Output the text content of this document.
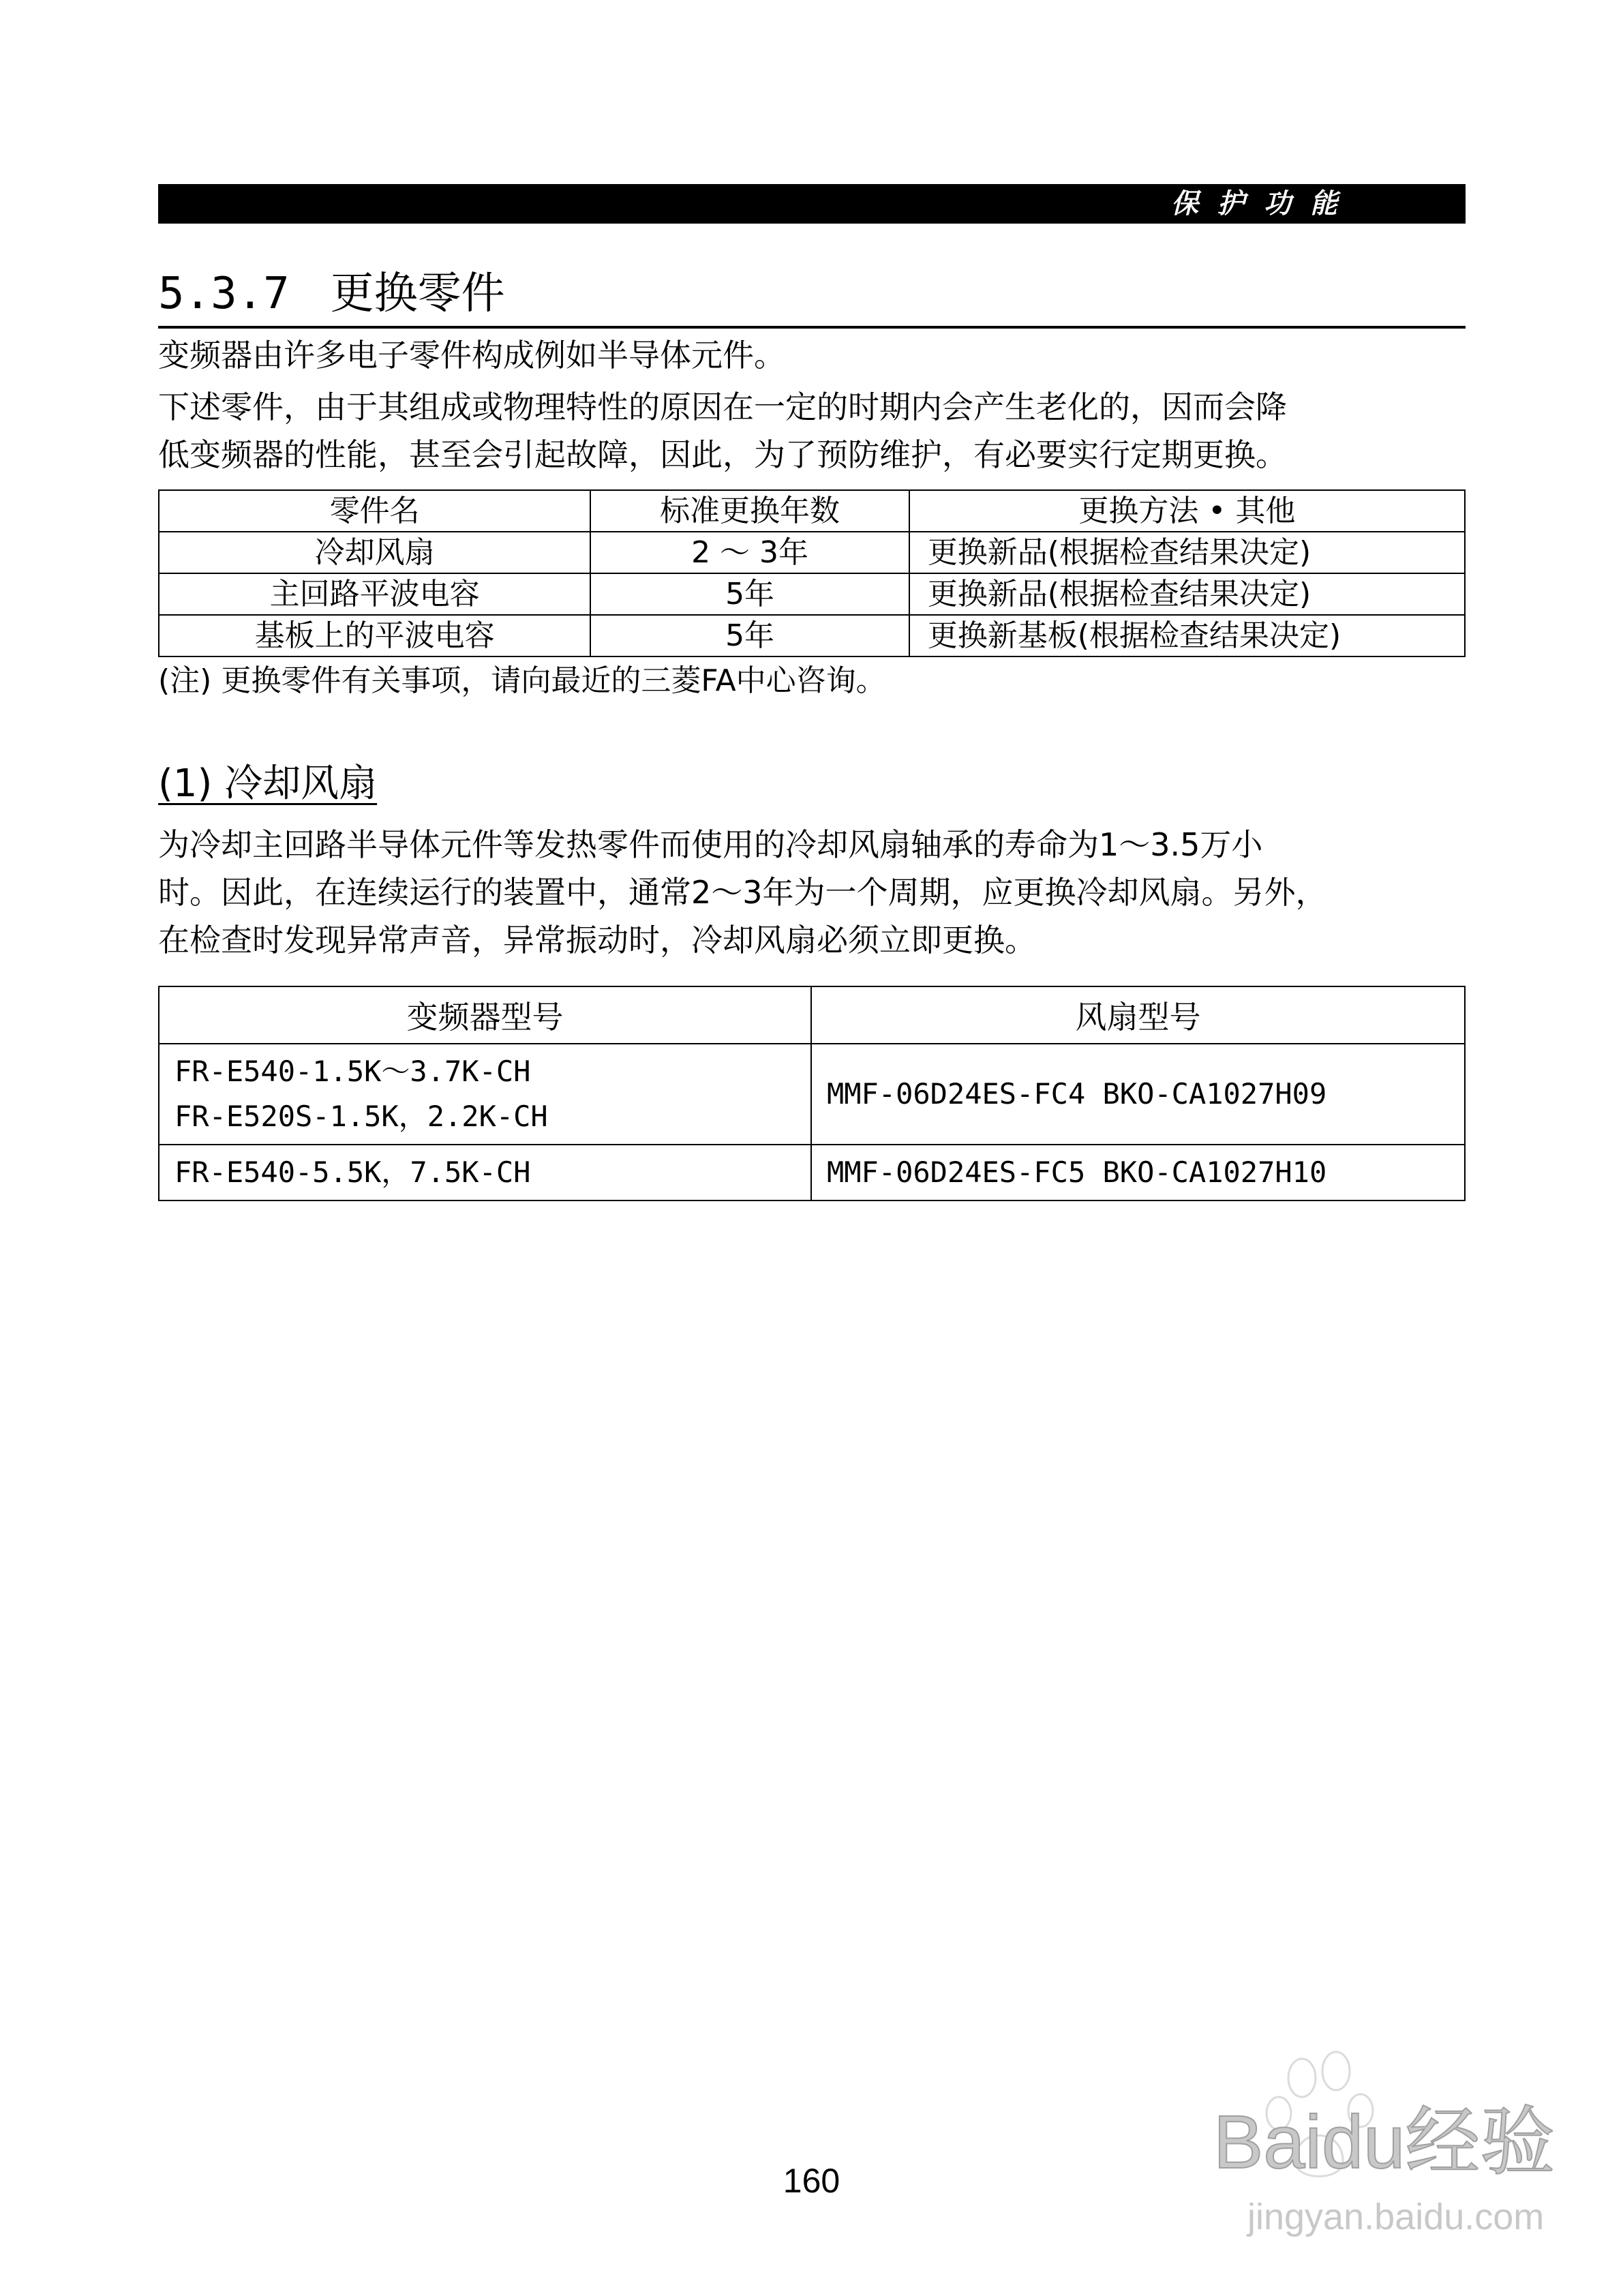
保护功能
5.3.7 更换零件

变频器由许多电子零件构成例如半导体元件。

下述零件，由于其组成或物理特性的原因在一定的时期内会产生老化的，因而会降

低变频器的性能，甚至会引起故障，因此，为了预防维护，有必要实行定期更换。

零件名	标准更换年数	更换方法 • 其他
冷却风扇	2 ～ 3年	更换新品(根据检查结果决定)
主回路平波电容	5年	更换新品(根据检查结果决定)
基板上的平波电容	5年	更换新基板(根据检查结果决定)

(注) 更换零件有关事项，请向最近的三菱FA中心咨询。

(1) 冷却风扇

为冷却主回路半导体元件等发热零件而使用的冷却风扇轴承的寿命为1～3.5万小

时。因此，在连续运行的装置中，通常2～3年为一个周期，应更换冷却风扇。另外，

在检查时发现异常声音，异常振动时，冷却风扇必须立即更换。

变频器型号	风扇型号

FR-E540-1.5K～3.7K-CH
FR-E520S-1.5K，2.2K-CH	MMF-06D24ES-FC4 BKO-CA1027H09

FR-E540-5.5K，7.5K-CH	MMF-06D24ES-FC5 BKO-CA1027H10
160	Baidu经验
jingyan.baidu.com
